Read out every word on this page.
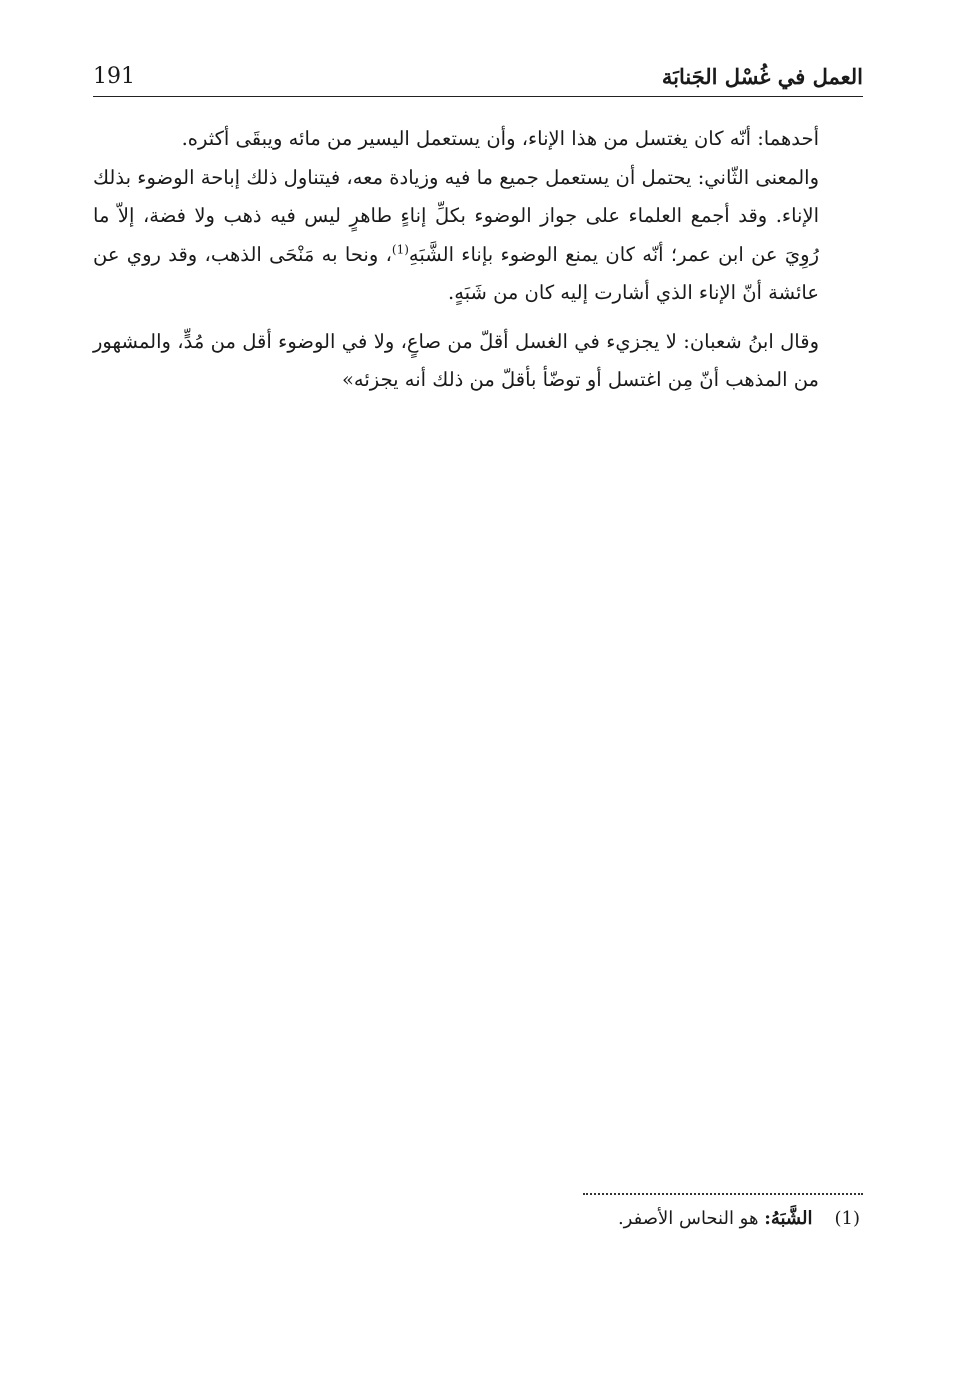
191	العمل في غُسْل الجَنابَة

أحدهما: أنّه كان يغتسل من هذا الإناء، وأن يستعمل اليسير من مائه ويبقَى أكثره.

والمعنى الثّاني: يحتمل أن يستعمل جميع ما فيه وزيادة معه، فيتناول ذلك إباحة الوضوء بذلك الإناء. وقد أجمع العلماء على جواز الوضوء بكلِّ إناءٍ طاهرٍ ليس فيه ذهب ولا فضة، إلاّ ما رُوِيَ عن ابن عمر؛ أنّه كان يمنع الوضوء بإناء الشَّبَهِ$^{(1)}$، ونحا به مَنْحَى الذهب، وقد روي عن عائشة أنّ الإناء الذي أشارت إليه كان من شَبَهٍ.

وقال ابنُ شعبان: لا يجزيء في الغسل أقلّ من صاعٍ، ولا في الوضوء أقل من مُدٍّ، والمشهور من المذهب أنّ مِن اغتسل أو توضّأ بأقلّ من ذلك أنه يجزئه»

(1)الشَّبَهُ: هو النحاس الأصفر.
